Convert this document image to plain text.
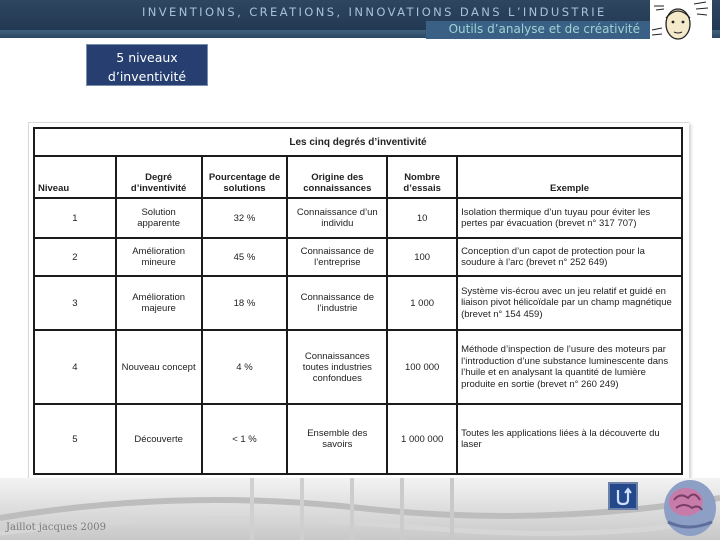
INVENTIONS, CREATIONS, INNOVATIONS DANS L’INDUSTRIE
Outils d’analyse et de créativité
5 niveaux
d’inventivité
Les cinq degrés d’inventivité					
Niveau	Degré d’inventivité	Pourcentage de solutions	Origine des connaissances	Nombre d’essais	Exemple
1	Solution apparente	32 %	Connaissance d’un individu	10	Isolation thermique d’un tuyau pour éviter les pertes par évacuation (brevet n° 317 707)
2	Amélioration mineure	45 %	Connaissance de l’entreprise	100	Conception d’un capot de protection pour la soudure à l’arc (brevet n° 252 649)
3	Amélioration majeure	18 %	Connaissance de l’industrie	1 000	Système vis-écrou avec un jeu relatif et guidé en liaison pivot hélicoïdale par un champ magnétique (brevet n° 154 459)
4	Nouveau concept	4 %	Connaissances toutes industries confondues	100 000	Méthode d’inspection de l’usure des moteurs par l’introduction d’une substance luminescente dans l’huile et en analysant la quantité de lumière produite en sortie (brevet n° 260 249)
5	Découverte	< 1 %	Ensemble des savoirs	1 000 000	Toutes les applications liées à la découverte du laser
Jaillot jacques 2009
